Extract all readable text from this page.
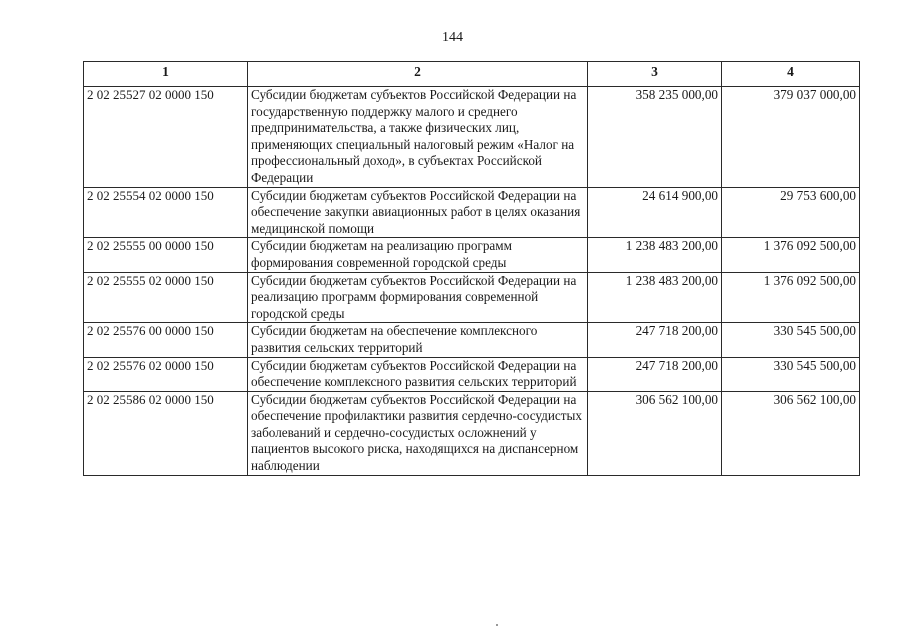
144
1	2	3	4
2 02 25527 02 0000 150	Субсидии бюджетам субъектов Российской Федерации на государственную поддержку малого и среднего предпринимательства, а также физических лиц, применяющих специальный налоговый режим «Налог на профессиональный доход», в субъектах Российской Федерации	358 235 000,00	379 037 000,00
2 02 25554 02 0000 150	Субсидии бюджетам субъектов Российской Федерации на обеспечение закупки авиационных работ в целях оказания медицинской помощи	24 614 900,00	29 753 600,00
2 02 25555 00 0000 150	Субсидии бюджетам на реализацию программ формирования современной городской среды	1 238 483 200,00	1 376 092 500,00
2 02 25555 02 0000 150	Субсидии бюджетам субъектов Российской Федерации на реализацию программ формирования современной городской среды	1 238 483 200,00	1 376 092 500,00
2 02 25576 00 0000 150	Субсидии бюджетам на обеспечение комплексного развития сельских территорий	247 718 200,00	330 545 500,00
2 02 25576 02 0000 150	Субсидии бюджетам субъектов Российской Федерации на обеспечение комплексного развития сельских территорий	247 718 200,00	330 545 500,00
2 02 25586 02 0000 150	Субсидии бюджетам субъектов Российской Федерации на обеспечение профилактики развития сердечно-сосудистых заболеваний и сердечно-сосудистых осложнений у пациентов высокого риска, находящихся на диспансерном наблюдении	306 562 100,00	306 562 100,00
